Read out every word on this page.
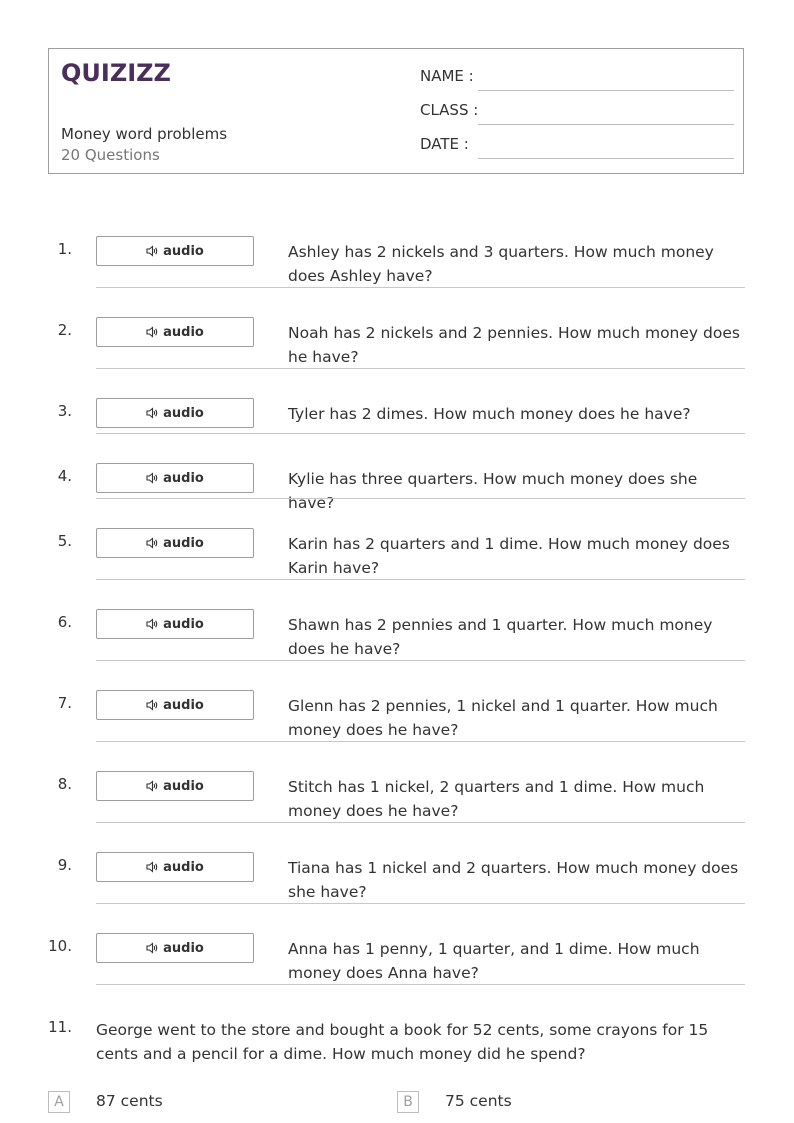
QUIZIZZ
Money word problems
20 Questions
NAME :
CLASS :
DATE :
1.	audio	Ashley has 2 nickels and 3 quarters. How much money does Ashley have?
2.	audio	Noah has 2 nickels and 2 pennies. How much money does he have?
3.	audio	Tyler has 2 dimes. How much money does he have?
4.	audio	Kylie has three quarters. How much money does she have?
5.	audio	Karin has 2 quarters and 1 dime. How much money does Karin have?
6.	audio	Shawn has 2 pennies and 1 quarter. How much money does he have?
7.	audio	Glenn has 2 pennies, 1 nickel and 1 quarter. How much money does he have?
8.	audio	Stitch has 1 nickel, 2 quarters and 1 dime. How much money does he have?
9.	audio	Tiana has 1 nickel and 2 quarters. How much money does she have?
10.	audio	Anna has 1 penny, 1 quarter, and 1 dime. How much money does Anna have?
11. George went to the store and bought a book for 52 cents, some crayons for 15 cents and a pencil for a dime. How much money did he spend?
A	87 cents	B	75 cents
